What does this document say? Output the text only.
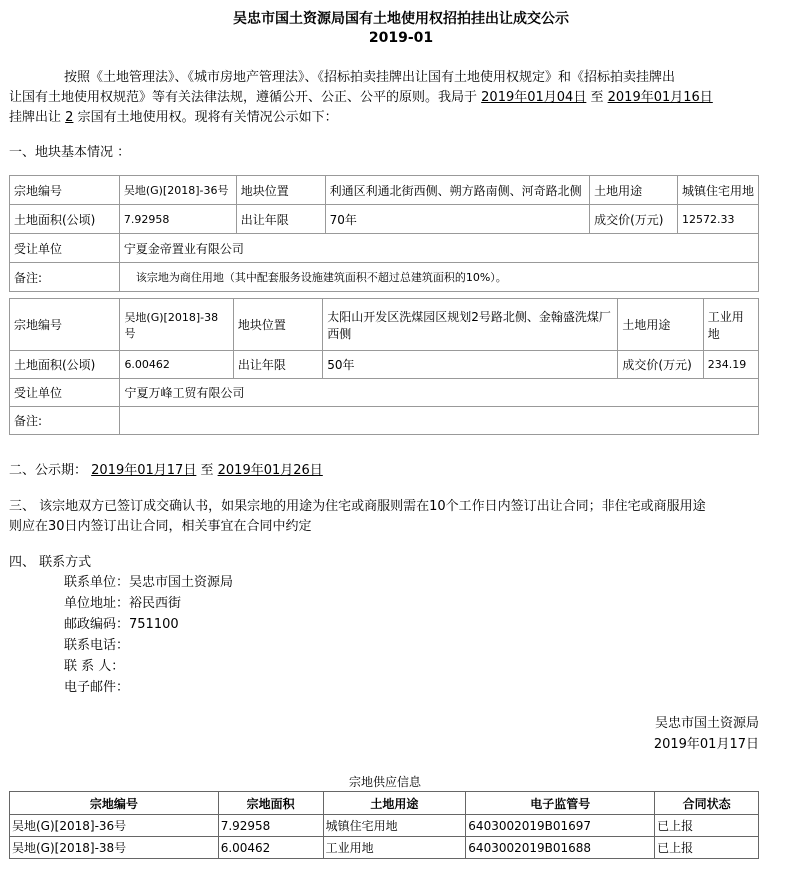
吴忠市国土资源局国有土地使用权招拍挂出让成交公示
2019-01
按照《土地管理法》、《城市房地产管理法》、《招标拍卖挂牌出让国有土地使用权规定》和《招标拍卖挂牌出
让国有土地使用权规范》等有关法律法规，遵循公开、公正、公平的原则。我局于 2019年01月04日 至 2019年01月16日
挂牌出让 2 宗国有土地使用权。现将有关情况公示如下：
一、地块基本情况 ：
宗地编号	吴地(G)[2018]-36号	地块位置	利通区利通北街西侧、朔方路南侧、河奇路北侧	土地用途	城镇住宅用地
土地面积(公顷)	7.92958	出让年限	70年	成交价(万元)	12572.33
受让单位	宁夏金帝置业有限公司				
备注:	该宗地为商住用地（其中配套服务设施建筑面积不超过总建筑面积的10%）。				
宗地编号	吴地(G)[2018]-38号	地块位置	太阳山开发区洗煤园区规划2号路北侧、金翰盛洗煤厂西侧	土地用途	工业用地
土地面积(公顷)	6.00462	出让年限	50年	成交价(万元)	234.19
受让单位	宁夏万峰工贸有限公司				
备注:					
二、公示期： 2019年01月17日 至 2019年01月26日
三、 该宗地双方已签订成交确认书，如果宗地的用途为住宅或商服则需在10个工作日内签订出让合同；非住宅或商服用途
则应在30日内签订出让合同，相关事宜在合同中约定
四、 联系方式
联系单位：吴忠市国土资源局
单位地址：裕民西街
邮政编码：751100
联系电话：
联 系 人：
电子邮件：
吴忠市国土资源局
2019年01月17日
宗地供应信息
宗地编号	宗地面积	土地用途	电子监管号	合同状态
吴地(G)[2018]-36号	7.92958	城镇住宅用地	6403002019B01697	已上报
吴地(G)[2018]-38号	6.00462	工业用地	6403002019B01688	已上报
